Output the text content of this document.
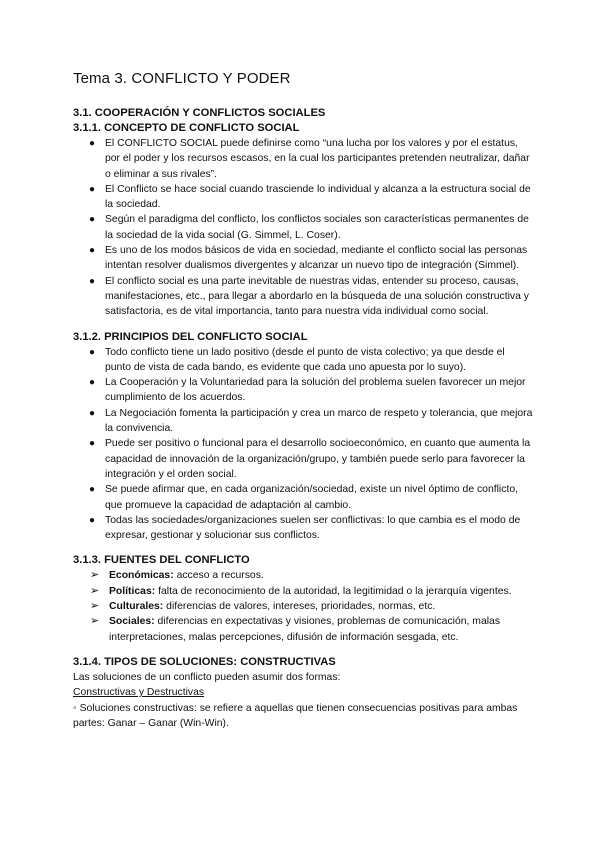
Tema 3. CONFLICTO Y PODER

3.1. COOPERACIÓN Y CONFLICTOS SOCIALES

3.1.1. CONCEPTO DE CONFLICTO SOCIAL

● El CONFLICTO SOCIAL puede definirse como “una lucha por los valores y por el estatus, por el poder y los recursos escasos, en la cual los participantes pretenden neutralizar, dañar o eliminar a sus rivales”.
● El Conflicto se hace social cuando trasciende lo individual y alcanza a la estructura social de la sociedad.
● Según el paradigma del conflicto, los conflictos sociales son características permanentes de la sociedad de la vida social (G. Simmel, L. Coser).
● Es uno de los modos básicos de vida en sociedad, mediante el conflicto social las personas intentan resolver dualismos divergentes y alcanzar un nuevo tipo de integración (Simmel).
● El conflicto social es una parte inevitable de nuestras vidas, entender su proceso, causas, manifestaciones, etc., para llegar a abordarlo en la búsqueda de una solución constructiva y satisfactoria, es de vital importancia, tanto para nuestra vida individual como social.

3.1.2. PRINCIPIOS DEL CONFLICTO SOCIAL

● Todo conflicto tiene un lado positivo (desde el punto de vista colectivo; ya que desde el punto de vista de cada bando, es evidente que cada uno apuesta por lo suyo).
● La Cooperación y la Voluntariedad para la solución del problema suelen favorecer un mejor cumplimiento de los acuerdos.
● La Negociación fomenta la participación y crea un marco de respeto y tolerancia, que mejora la convivencia.
● Puede ser positivo o funcional para el desarrollo socioeconómico, en cuanto que aumenta la capacidad de innovación de la organización/grupo, y también puede serlo para favorecer la integración y el orden social.
● Se puede afirmar que, en cada organización/sociedad, existe un nivel óptimo de conflicto, que promueve la capacidad de adaptación al cambio.
● Todas las sociedades/organizaciones suelen ser conflictivas: lo que cambia es el modo de expresar, gestionar y solucionar sus conflictos.

3.1.3. FUENTES DEL CONFLICTO

➢ Económicas: acceso a recursos.
➢ Políticas: falta de reconocimiento de la autoridad, la legitimidad o la jerarquía vigentes.
➢ Culturales: diferencias de valores, intereses, prioridades, normas, etc.
➢ Sociales: diferencias en expectativas y visiones, problemas de comunicación, malas interpretaciones, malas percepciones, difusión de información sesgada, etc.

3.1.4. TIPOS DE SOLUCIONES: CONSTRUCTIVAS

Las soluciones de un conflicto pueden asumir dos formas:

Constructivas y Destructivas

◦ Soluciones constructivas: se refiere a aquellas que tienen consecuencias positivas para ambas partes: Ganar – Ganar (Win-Win).
